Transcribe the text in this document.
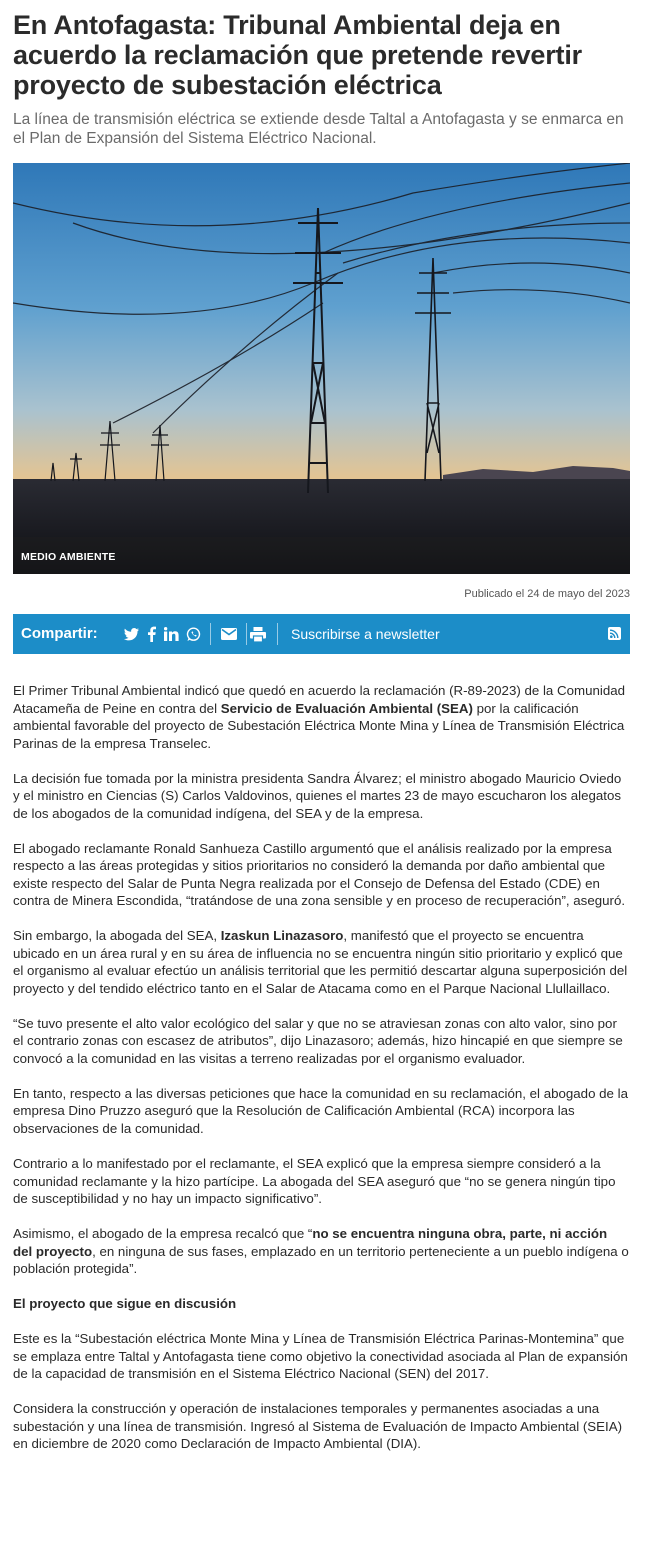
En Antofagasta: Tribunal Ambiental deja en acuerdo la reclamación que pretende revertir proyecto de subestación eléctrica

La línea de transmisión eléctrica se extiende desde Taltal a Antofagasta y se enmarca en el Plan de Expansión del Sistema Eléctrico Nacional.

MEDIO AMBIENTE
Publicado el 24 de mayo del 2023
Compartir:	Suscribirse a newsletter

El Primer Tribunal Ambiental indicó que quedó en acuerdo la reclamación (R-89-2023) de la Comunidad Atacameña de Peine en contra del Servicio de Evaluación Ambiental (SEA) por la calificación ambiental favorable del proyecto de Subestación Eléctrica Monte Mina y Línea de Transmisión Eléctrica Parinas de la empresa Transelec.

La decisión fue tomada por la ministra presidenta Sandra Álvarez; el ministro abogado Mauricio Oviedo y el ministro en Ciencias (S) Carlos Valdovinos, quienes el martes 23 de mayo escucharon los alegatos de los abogados de la comunidad indígena, del SEA y de la empresa.

El abogado reclamante Ronald Sanhueza Castillo argumentó que el análisis realizado por la empresa respecto a las áreas protegidas y sitios prioritarios no consideró la demanda por daño ambiental que existe respecto del Salar de Punta Negra realizada por el Consejo de Defensa del Estado (CDE) en contra de Minera Escondida, “tratándose de una zona sensible y en proceso de recuperación”, aseguró.

Sin embargo, la abogada del SEA, Izaskun Linazasoro, manifestó que el proyecto se encuentra ubicado en un área rural y en su área de influencia no se encuentra ningún sitio prioritario y explicó que el organismo al evaluar efectúo un análisis territorial que les permitió descartar alguna superposición del proyecto y del tendido eléctrico tanto en el Salar de Atacama como en el Parque Nacional Llullaillaco.

“Se tuvo presente el alto valor ecológico del salar y que no se atraviesan zonas con alto valor, sino por el contrario zonas con escasez de atributos”, dijo Linazasoro; además, hizo hincapié en que siempre se convocó a la comunidad en las visitas a terreno realizadas por el organismo evaluador.

En tanto, respecto a las diversas peticiones que hace la comunidad en su reclamación, el abogado de la empresa Dino Pruzzo aseguró que la Resolución de Calificación Ambiental (RCA) incorpora las observaciones de la comunidad.

Contrario a lo manifestado por el reclamante, el SEA explicó que la empresa siempre consideró a la comunidad reclamante y la hizo partícipe. La abogada del SEA aseguró que “no se genera ningún tipo de susceptibilidad y no hay un impacto significativo”.

Asimismo, el abogado de la empresa recalcó que “no se encuentra ninguna obra, parte, ni acción del proyecto, en ninguna de sus fases, emplazado en un territorio perteneciente a un pueblo indígena o población protegida”.

El proyecto que sigue en discusión

Este es la “Subestación eléctrica Monte Mina y Línea de Transmisión Eléctrica Parinas-Montemina” que se emplaza entre Taltal y Antofagasta tiene como objetivo la conectividad asociada al Plan de expansión de la capacidad de transmisión en el Sistema Eléctrico Nacional (SEN) del 2017.

Considera la construcción y operación de instalaciones temporales y permanentes asociadas a una subestación y una línea de transmisión. Ingresó al Sistema de Evaluación de Impacto Ambiental (SEIA) en diciembre de 2020 como Declaración de Impacto Ambiental (DIA).
